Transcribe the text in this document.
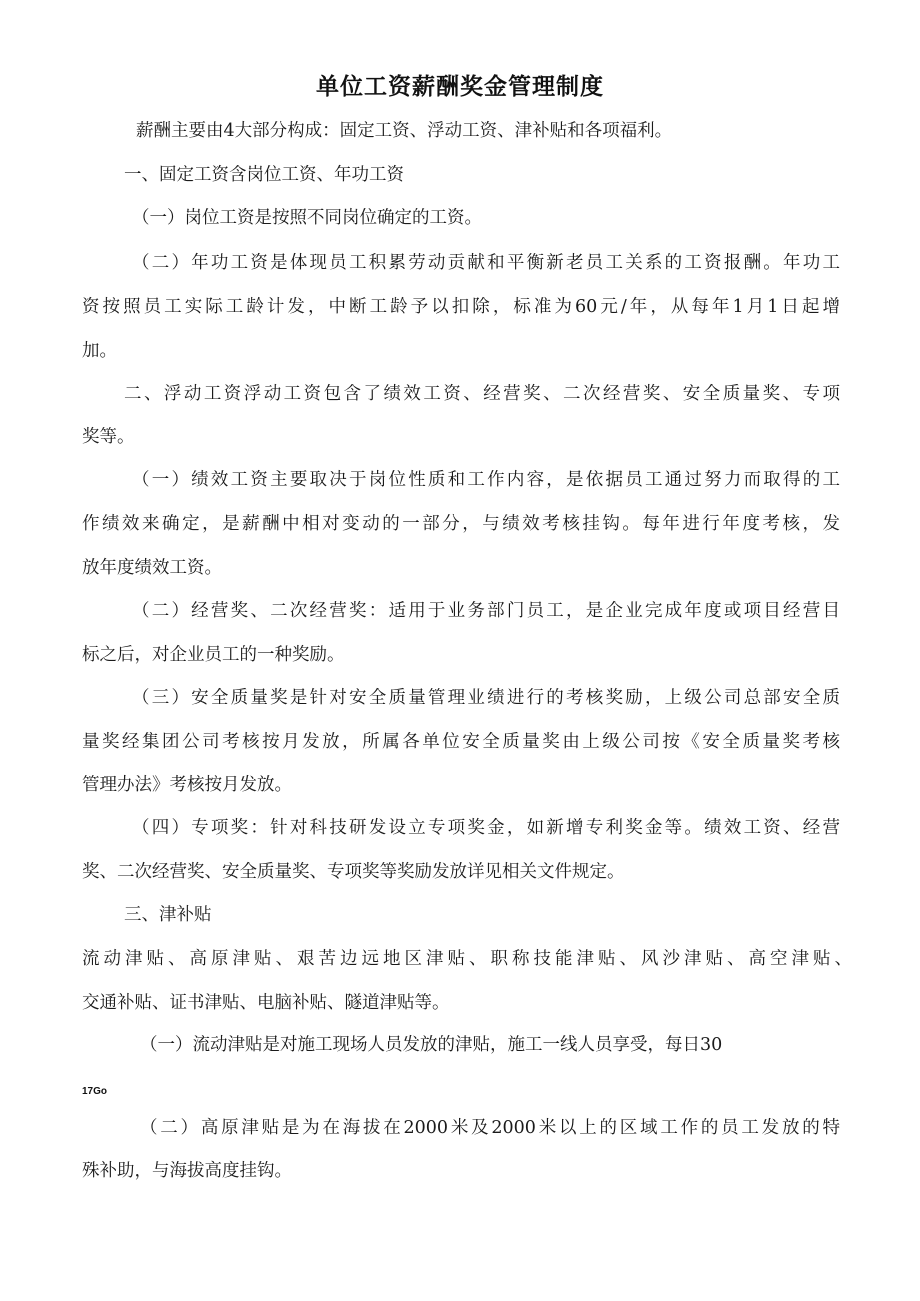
单位工资薪酬奖金管理制度
薪酬主要由4大部分构成：固定工资、浮动工资、津补贴和各项福利。
一、固定工资含岗位工资、年功工资
（一）岗位工资是按照不同岗位确定的工资。
（二）年功工资是体现员工积累劳动贡献和平衡新老员工关系的工资报酬。年功工
资按照员工实际工龄计发，中断工龄予以扣除，标准为60元/年，从每年1月1日起增
加。
二、浮动工资浮动工资包含了绩效工资、经营奖、二次经营奖、安全质量奖、专项
奖等。
（一）绩效工资主要取决于岗位性质和工作内容，是依据员工通过努力而取得的工
作绩效来确定，是薪酬中相对变动的一部分，与绩效考核挂钩。每年进行年度考核，发
放年度绩效工资。
（二）经营奖、二次经营奖：适用于业务部门员工，是企业完成年度或项目经营目
标之后，对企业员工的一种奖励。
（三）安全质量奖是针对安全质量管理业绩进行的考核奖励，上级公司总部安全质
量奖经集团公司考核按月发放，所属各单位安全质量奖由上级公司按《安全质量奖考核
管理办法》考核按月发放。
（四）专项奖：针对科技研发设立专项奖金，如新增专利奖金等。绩效工资、经营
奖、二次经营奖、安全质量奖、专项奖等奖励发放详见相关文件规定。
三、津补贴
流动津贴、高原津贴、艰苦边远地区津贴、职称技能津贴、风沙津贴、高空津贴、
交通补贴、证书津贴、电脑补贴、隧道津贴等。
（一）流动津贴是对施工现场人员发放的津贴，施工一线人员享受，每日30
17Go
（二）高原津贴是为在海拔在2000米及2000米以上的区域工作的员工发放的特
殊补助，与海拔高度挂钩。
